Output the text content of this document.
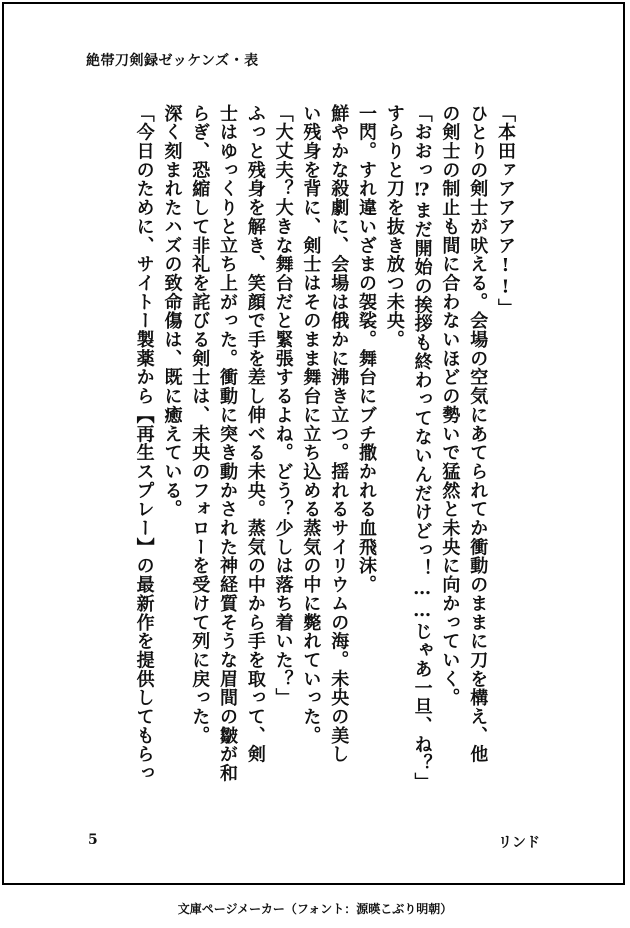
絶帯刀剣録ゼッケンズ・表

「本田ァアアアア!!」

ひとりの剣士が吠える。会場の空気にあてられてか衝動のままに刀を構え、他

の剣士の制止も間に合わないほどの勢いで猛然と未央に向かっていく。

「おおっ⁉まだ開始の挨拶も終わってないんだけどっ！……じゃあ一旦、ね？」

すらりと刀を抜き放つ未央。

一閃。すれ違いざまの袈裟。舞台にブチ撒かれる血飛沫。

鮮やかな殺劇に、会場は俄かに沸き立つ。揺れるサイリウムの海。未央の美し

い残身を背に、剣士はそのまま舞台に立ち込める蒸気の中に斃れていった。

「大丈夫？大きな舞台だと緊張するよね。どう？少しは落ち着いた？」

ふっと残身を解き、笑顔で手を差し伸べる未央。蒸気の中から手を取って、剣

士はゆっくりと立ち上がった。衝動に突き動かされた神経質そうな眉間の皺が和

らぎ、恐縮して非礼を詫びる剣士は、未央のフォローを受けて列に戻った。

深く刻まれたハズの致命傷は、既に癒えている。

「今日のために、サイトー製薬から【再生スプレー】の最新作を提供してもらっ

5	リンド
文庫ページメーカー（フォント：源暎こぶり明朝）
